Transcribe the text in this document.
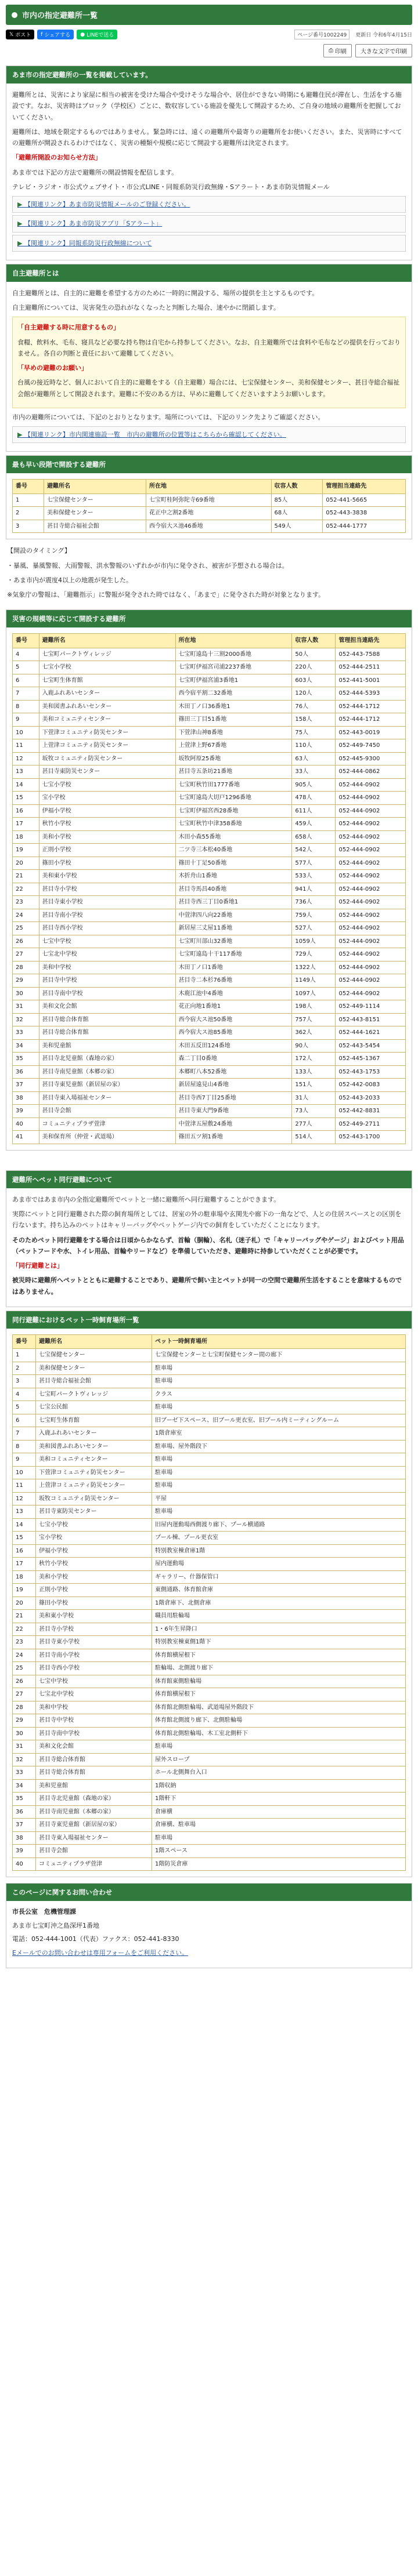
市内の指定避難所一覧
𝕏 ポスト f シェアする ● LINEで送る	ページ番号1002249	更新日 令和6年4月15日
⎙ 印刷 大きな文字で印刷
あま市の指定避難所の一覧を掲載しています。

避難所とは、災害により家屋に相当の被害を受けた場合や受けそうな場合や、居住ができない時期にも避難住民が滞在し、生活をする施設です。なお、災害時はブロック（学校区）ごとに、数収容している施設を優先して開設するため、ご自身の地域の避難所を把握しておいてください。

避難所は、地域を限定するものではありません。緊急時には、遠くの避難所や最寄りの避難所をお使いください。また、災害時にすべての避難所が開設されるわけではなく、災害の種類や規模に応じて開設する避難所は決定されます。

「避難所開設のお知らせ方法」

あま市では下記の方法で避難所の開設情報を配信します。

テレビ・ラジオ・市公式ウェブサイト・市公式LINE・同報系防災行政無線・Sアラート・あま市防災情報メール

▶ 【関連リンク】あま市防災情報メールのご登録ください。
▶ 【関連リンク】あま市防災アプリ「Sアラート」
▶ 【関連リンク】同報系防災行政無線について
自主避難所とは

自主避難所とは、自主的に避難を希望する方のために一時的に開設する、場所の提供を主とするものです。

自主避難所については、災害発生の恐れがなくなったと判断した場合、速やかに閉鎖します。

「自主避難する時に用意するもの」

食糧、飲料水、毛布、寝具など必要な持ち物は自宅から持参してください。なお、自主避難所では食料や毛布などの提供を行っておりません。各自の判断と責任において避難してください。

「早めの避難のお願い」

台風の接近時など、個人において自主的に避難をする（自主避難）場合には、七宝保健センター、美和保健センター、甚目寺総合福祉会館が避難所として開設されます。避難に不安のある方は、早めに避難してくださいますようお願いします。

市内の避難所については、下記のとおりとなります。場所については、下記のリンク先よりご確認ください。

▶ 【関連リンク】市内関連施設一覧　市内の避難所の位置等はこちらから確認してください。
最も早い段階で開設する避難所
番号	避難所名	所在地	収容人数	管理担当連絡先
1	七宝保健センター	七宝町桂阿弥陀寺69番地	85人	052-441-5665
2	美和保健センター	花正中之割2番地	68人	052-443-3838
3	甚目寺総合福祉会館	西今宿大ス池46番地	549人	052-444-1777

【開設のタイミング】

・暴風、暴風警報、大雨警報、洪水警報のいずれかが市内に発令され、被害が予想される場合は。

・あま市内が震度4以上の地震が発生した。

※気象庁の警報は、「避難指示」に警報が発令された時ではなく、「あまで」に発令された時が対象となります。

災害の規模等に応じて開設する避難所
番号	避難所名	所在地	収容人数	管理担当連絡先
4	七宝町パークトヴィレッジ	七宝町遠島十三割2000番地	50人	052-443-7588
5	七宝小学校	七宝町伊福宮司浦2237番地	220人	052-444-2511
6	七宝町生体育館	七宝町伊福宮浦3番地1	603人	052-441-5001
7	入鹿ふれあいセンター	西今宿平割二32番地	120人	052-444-5393
8	美和図書ふれあいセンター	木田丁ノ口36番地1	76人	052-444-1712
9	美和コミュニティセンター	篠田三丁目51番地	158人	052-444-1712
10	下萱津コミュニティ防災センター	下萱津山神8番地	75人	052-443-0019
11	上萱津コミュニティ防災センター	上萱津上野67番地	110人	052-449-7450
12	坂牧コミュニティ防災センター	坂牧阿原25番地	63人	052-445-9300
13	甚目寺東防災センター	甚目寺五条坊21番地	33人	052-444-0862
14	七宝小学校	七宝町秋竹田1777番地	905人	052-444-0902
15	宝小学校	七宝町遠島大切戸1296番地	478人	052-444-0902
16	伊福小学校	七宝町伊福宮西28番地	611人	052-444-0902
17	秋竹小学校	七宝町秋竹中津358番地	459人	052-444-0902
18	美和小学校	木田小森55番地	658人	052-444-0902
19	正則小学校	二ツ寺三本松40番地	542人	052-444-0902
20	篠田小学校	篠田十丁足50番地	577人	052-444-0902
21	美和東小学校	木折舟山1番地	533人	052-444-0902
22	甚目寺小学校	甚目寺馬昌40番地	941人	052-444-0902
23	甚目寺東小学校	甚目寺西三丁目0番地1	736人	052-444-0902
24	甚目寺南小学校	中萱津四八向22番地	759人	052-444-0902
25	甚目寺西小学校	新居屋三丈屋11番地	527人	052-444-0902
26	七宝中学校	七宝町川部山32番地	1059人	052-444-0902
27	七宝北中学校	七宝町遠島十干117番地	729人	052-444-0902
28	美和中学校	木田丁ノ口1番地	1322人	052-444-0902
29	甚目寺中学校	甚目寺二本杉76番地	1149人	052-444-0902
30	甚目寺南中学校	木鹿江池中4番地	1097人	052-444-0902
31	美和文化会館	花正向地1番地1	198人	052-449-1114
32	甚目寺総合体育館	西今宿大ス池50番地	757人	052-443-8151
33	甚目寺総合体育館	西今宿大ス池85番地	362人	052-444-1621
34	美和児童館	木田五反田124番地	90人	052-443-5454
35	甚目寺北児童館（森地の家）	森二丁目0番地	172人	052-445-1367
36	甚目寺南児童館（本郷の家）	本郷町八本52番地	133人	052-443-1753
37	甚目寺東児童館（新居屋の家）	新居屋遠見山4番地	151人	052-442-0083
38	甚目寺東入場福祉センター	甚目寺西7丁目25番地	31人	052-443-2033
39	甚目寺会館	甚目寺東大門9番地	73人	052-442-8831
40	コミュニティプラザ萱津	中萱津五屋敷24番地	277人	052-449-2711
41	美和保育所（仲萱・武道場）	篠田五ツ割1番地	514人	052-443-1700
避難所へペット同行避難について

あま市ではあま市内の全指定避難所でペットと一緒に避難所へ同行避難することができます。

実際にペットと同行避難された際の飼育場所としては、居室の外の駐車場や玄関先や廊下の一角などで、人との住居スペースとの区別を行ないます。持ち込みのペットはキャリーバッグやペットゲージ内での飼育をしていただくことになります。

そのためペット同行避難をする場合は日頃からかならず、首輪（胴輪）、名札（迷子札）で「キャリーバッグやゲージ」およびペット用品（ペットフードや水、トイレ用品、首輪やリードなど）を準備していただき、避難時に持参していただくことが必要です。

「同行避難とは」

被災時に避難所へペットとともに避難することであり、避難所で飼い主とペットが同一の空間で避難所生活をすることを意味するものではありません。

同行避難におけるペット一時飼育場所一覧
番号	避難所名	ペット一時飼育場所
1	七宝保健センター	七宝保健センターと七宝町保健センター間の廊下
2	美和保健センター	駐車場
3	甚目寺総合福祉会館	駐車場
4	七宝町パークトヴィレッジ	クラス
5	七宝公民館	駐車場
6	七宝町生体育館	旧ブーゼ下スペース、旧ブール更衣室、旧ブール内ミーティングルーム
7	入鹿ふれあいセンター	1階倉庫室
8	美和図書ふれあいセンター	駐車場、屋外階段下
9	美和コミュニティセンター	駐車場
10	下萱津コミュニティ防災センター	駐車場
11	上萱津コミュニティ防災センター	駐車場
12	坂牧コミュニティ防災センター	平屋
13	甚目寺東防災センター	駐車場
14	七宝小学校	旧屋内運動場西側渡り廊下、プール横通路
15	宝小学校	プール棟、プール更衣室
16	伊福小学校	特別教室棟倉庫1階
17	秋竹小学校	屋内運動場
18	美和小学校	ギャラリー、什器保管口
19	正則小学校	東側通路、体育館倉庫
20	篠田小学校	1階倉庫下、北側倉庫
21	美和東小学校	職員用駐輪場
22	甚目寺小学校	1・6年生昇降口
23	甚目寺東小学校	特別教室棟東側1階下
24	甚目寺南小学校	体育館横屋根下
25	甚目寺西小学校	駐輪場、北側渡り廊下
26	七宝中学校	体育館東側駐輪場
27	七宝北中学校	体育館横屋根下
28	美和中学校	体育館北側駐輪場、武道場屋外階段下
29	甚目寺中学校	体育館北側渡り廊下、北側駐輪場
30	甚目寺南中学校	体育館北側駐輪場、木工室北側軒下
31	美和文化会館	駐車場
32	甚目寺総合体育館	屋外スロープ
33	甚目寺総合体育館	ホール北側舞台入口
34	美和児童館	1階収納
35	甚目寺北児童館（森地の家）	1階軒下
36	甚目寺南児童館（本郷の家）	倉庫横
37	甚目寺東児童館（新居屋の家）	倉庫横、駐車場
38	甚目寺東入場福祉センター	駐車場
39	甚目寺会館	1階スペース
40	コミュニティプラザ萱津	1階防災倉庫
このページに関するお問い合わせ

市長公室　危機管理課

あま市七宝町沖之島深坪1番地

電話：052-444-1001（代表）ファクス：052-441-8330

Eメールでのお問い合わせは専用フォームをご利用ください。
